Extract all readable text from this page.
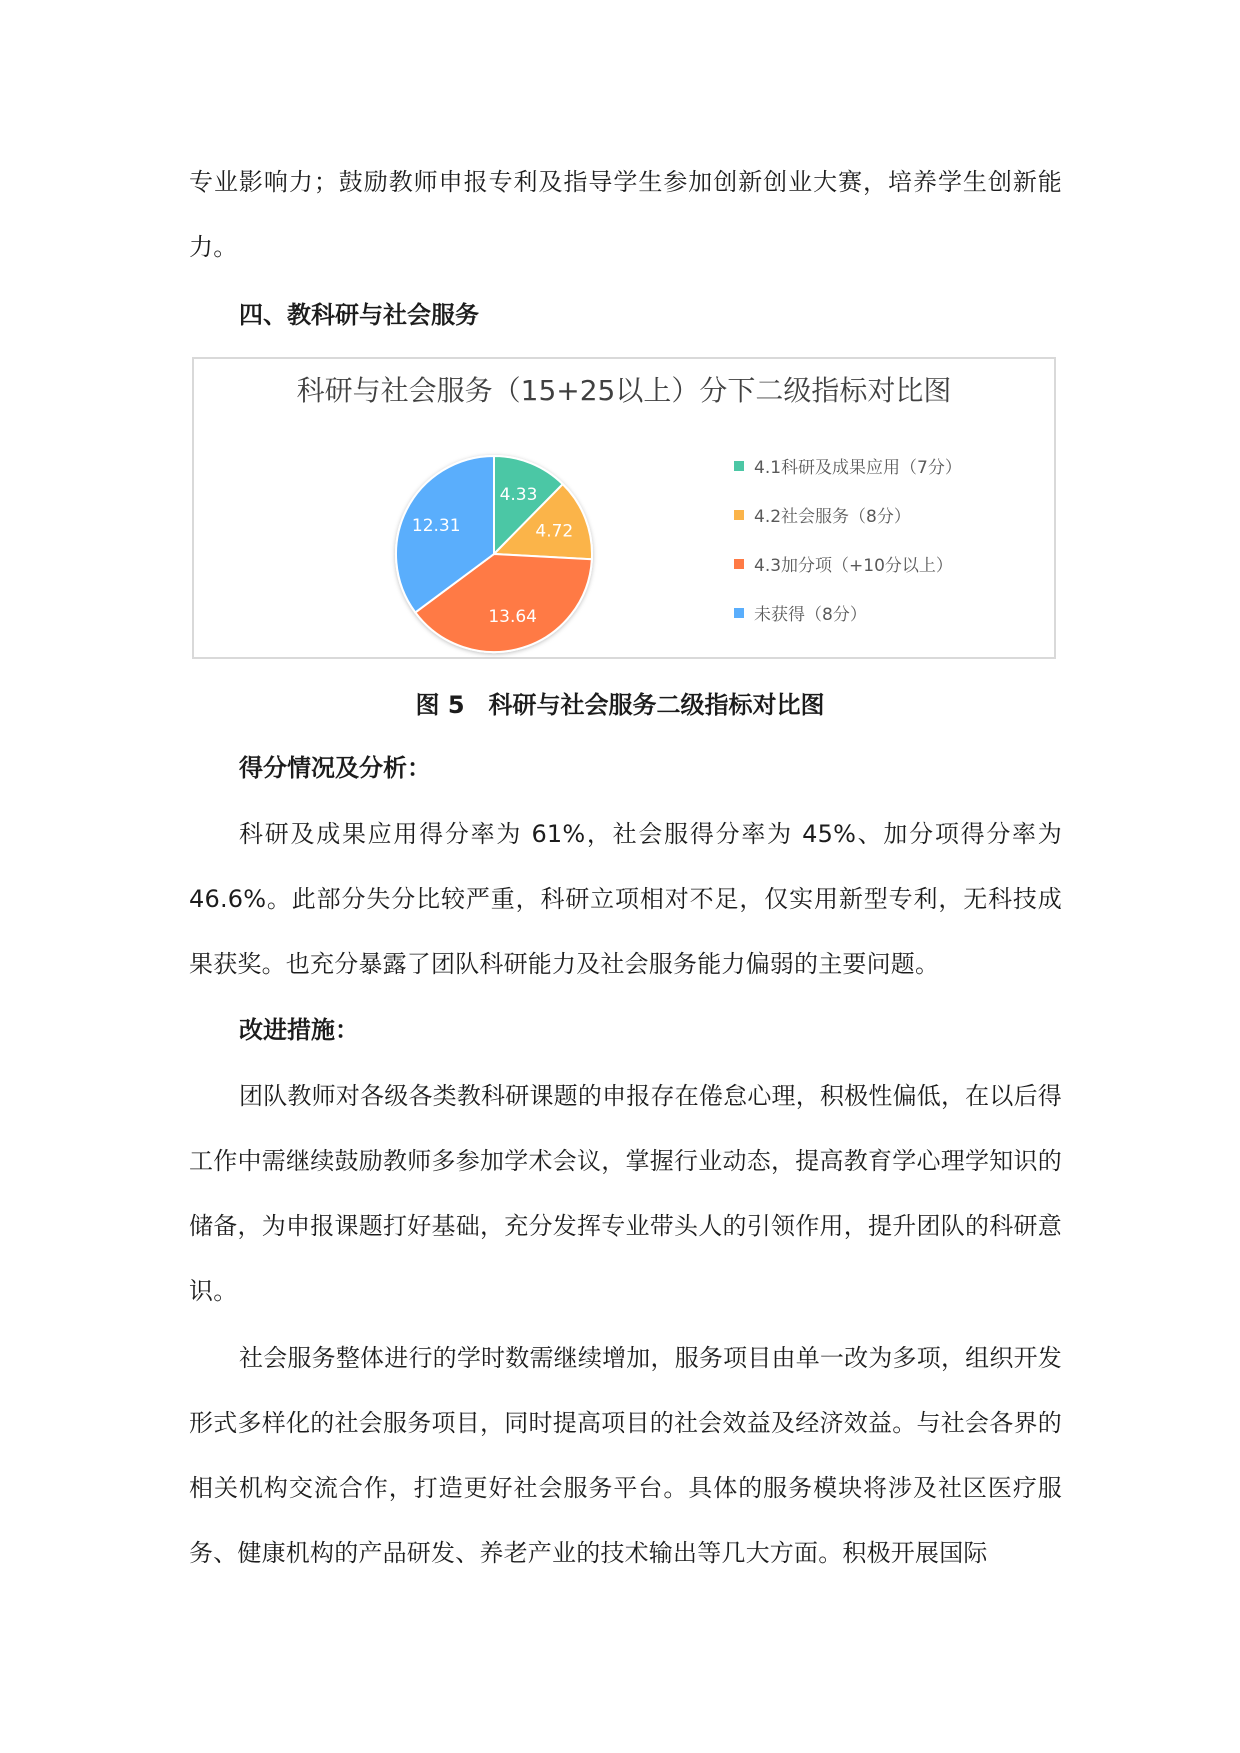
专业影响力；鼓励教师申报专利及指导学生参加创新创业大赛，培养学生创新能力。

四、教科研与社会服务
科研与社会服务（15+25以上）分下二级指标对比图
4.33
4.72
13.64
12.31
4.1科研及成果应用（7分）
4.2社会服务（8分）
4.3加分项（+10分以上）
未获得（8分）
图 5　科研与社会服务二级指标对比图
得分情况及分析：

科研及成果应用得分率为 61%，社会服得分率为 45%、加分项得分率为 46.6%。此部分失分比较严重，科研立项相对不足，仅实用新型专利，无科技成果获奖。也充分暴露了团队科研能力及社会服务能力偏弱的主要问题。

改进措施：

团队教师对各级各类教科研课题的申报存在倦怠心理，积极性偏低，在以后得工作中需继续鼓励教师多参加学术会议，掌握行业动态，提高教育学心理学知识的储备，为申报课题打好基础，充分发挥专业带头人的引领作用，提升团队的科研意识。

社会服务整体进行的学时数需继续增加，服务项目由单一改为多项，组织开发形式多样化的社会服务项目，同时提高项目的社会效益及经济效益。与社会各界的相关机构交流合作，打造更好社会服务平台。具体的服务模块将涉及社区医疗服务、健康机构的产品研发、养老产业的技术输出等几大方面。积极开展国际
